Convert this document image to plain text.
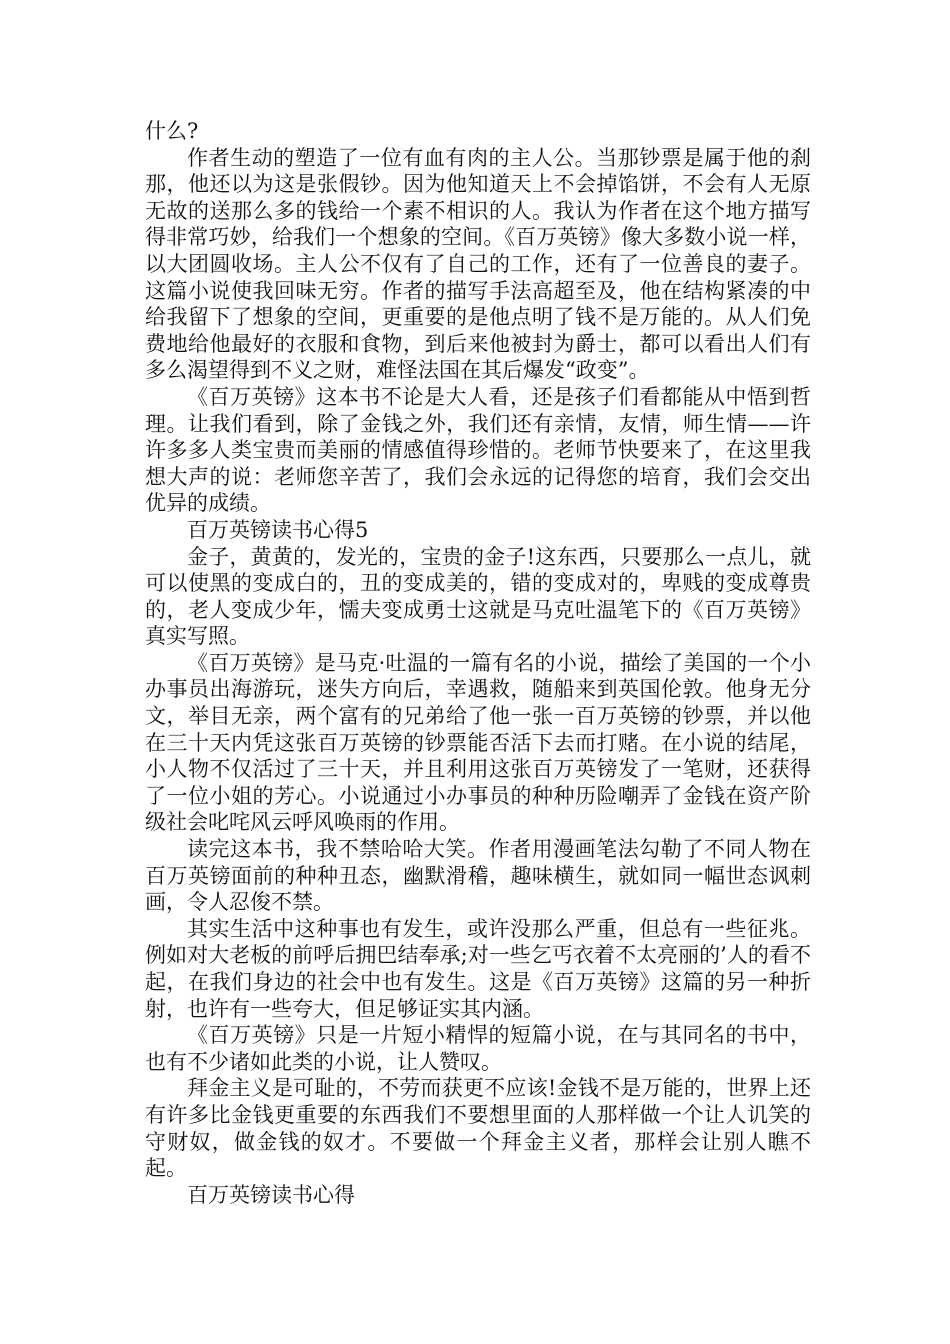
什么?

作者生动的塑造了一位有血有肉的主人公。当那钞票是属于他的刹那，他还以为这是张假钞。因为他知道天上不会掉馅饼，不会有人无原无故的送那么多的钱给一个素不相识的人。我认为作者在这个地方描写得非常巧妙，给我们一个想象的空间。《百万英镑》像大多数小说一样，以大团圆收场。主人公不仅有了自己的工作，还有了一位善良的妻子。这篇小说使我回味无穷。作者的描写手法高超至及，他在结构紧凑的中给我留下了想象的空间，更重要的是他点明了钱不是万能的。从人们免费地给他最好的衣服和食物，到后来他被封为爵士，都可以看出人们有多么渴望得到不义之财，难怪法国在其后爆发“政变”。

《百万英镑》这本书不论是大人看，还是孩子们看都能从中悟到哲理。让我们看到，除了金钱之外，我们还有亲情，友情，师生情——许许多多人类宝贵而美丽的情感值得珍惜的。老师节快要来了，在这里我想大声的说：老师您辛苦了，我们会永远的记得您的培育，我们会交出优异的成绩。

百万英镑读书心得5

金子，黄黄的，发光的，宝贵的金子!这东西，只要那么一点儿，就可以使黑的变成白的，丑的变成美的，错的变成对的，卑贱的变成尊贵的，老人变成少年，懦夫变成勇士这就是马克吐温笔下的《百万英镑》真实写照。

《百万英镑》是马克·吐温的一篇有名的小说，描绘了美国的一个小办事员出海游玩，迷失方向后，幸遇救，随船来到英国伦敦。他身无分文，举目无亲，两个富有的兄弟给了他一张一百万英镑的钞票，并以他在三十天内凭这张百万英镑的钞票能否活下去而打赌。在小说的结尾，小人物不仅活过了三十天，并且利用这张百万英镑发了一笔财，还获得了一位小姐的芳心。小说通过小办事员的种种历险嘲弄了金钱在资产阶级社会叱咤风云呼风唤雨的作用。

读完这本书，我不禁哈哈大笑。作者用漫画笔法勾勒了不同人物在百万英镑面前的种种丑态，幽默滑稽，趣味横生，就如同一幅世态讽刺画，令人忍俊不禁。

其实生活中这种事也有发生，或许没那么严重，但总有一些征兆。例如对大老板的前呼后拥巴结奉承;对一些乞丐衣着不太亮丽的’人的看不起，在我们身边的社会中也有发生。这是《百万英镑》这篇的另一种折射，也许有一些夸大，但足够证实其内涵。

《百万英镑》只是一片短小精悍的短篇小说，在与其同名的书中，也有不少诸如此类的小说，让人赞叹。

拜金主义是可耻的，不劳而获更不应该!金钱不是万能的，世界上还有许多比金钱更重要的东西我们不要想里面的人那样做一个让人讥笑的守财奴，做金钱的奴才。不要做一个拜金主义者，那样会让别人瞧不起。

百万英镑读书心得
